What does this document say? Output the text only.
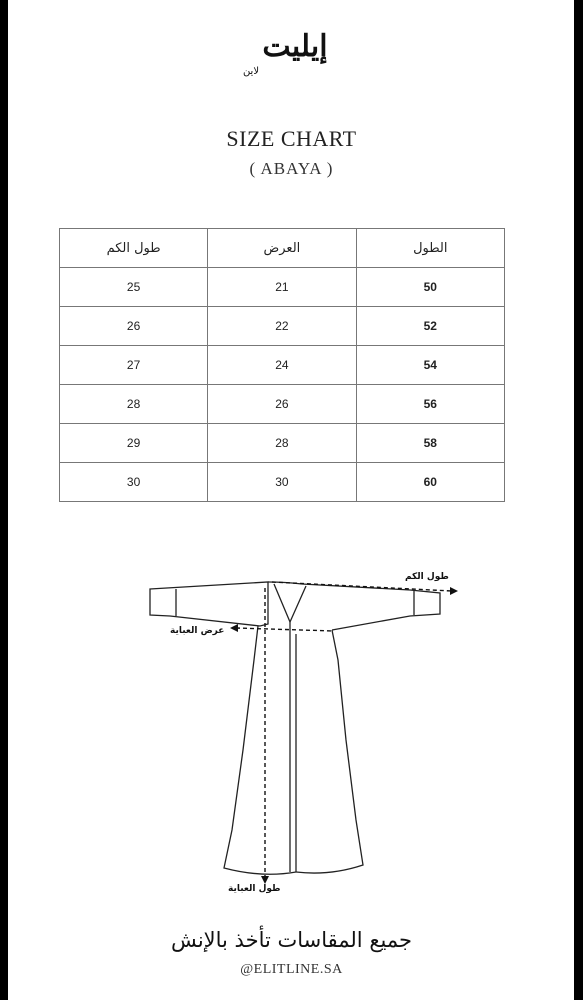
إيليت
لاين
SIZE CHART
( ABAYA )
طول الكم	العرض	الطول
25	21	50
26	22	52
27	24	54
28	26	56
29	28	58
30	30	60
طول الكم
عرض العباية
طول العباية
جميع المقاسات تأخذ بالإنش
@ELITLINE.SA
